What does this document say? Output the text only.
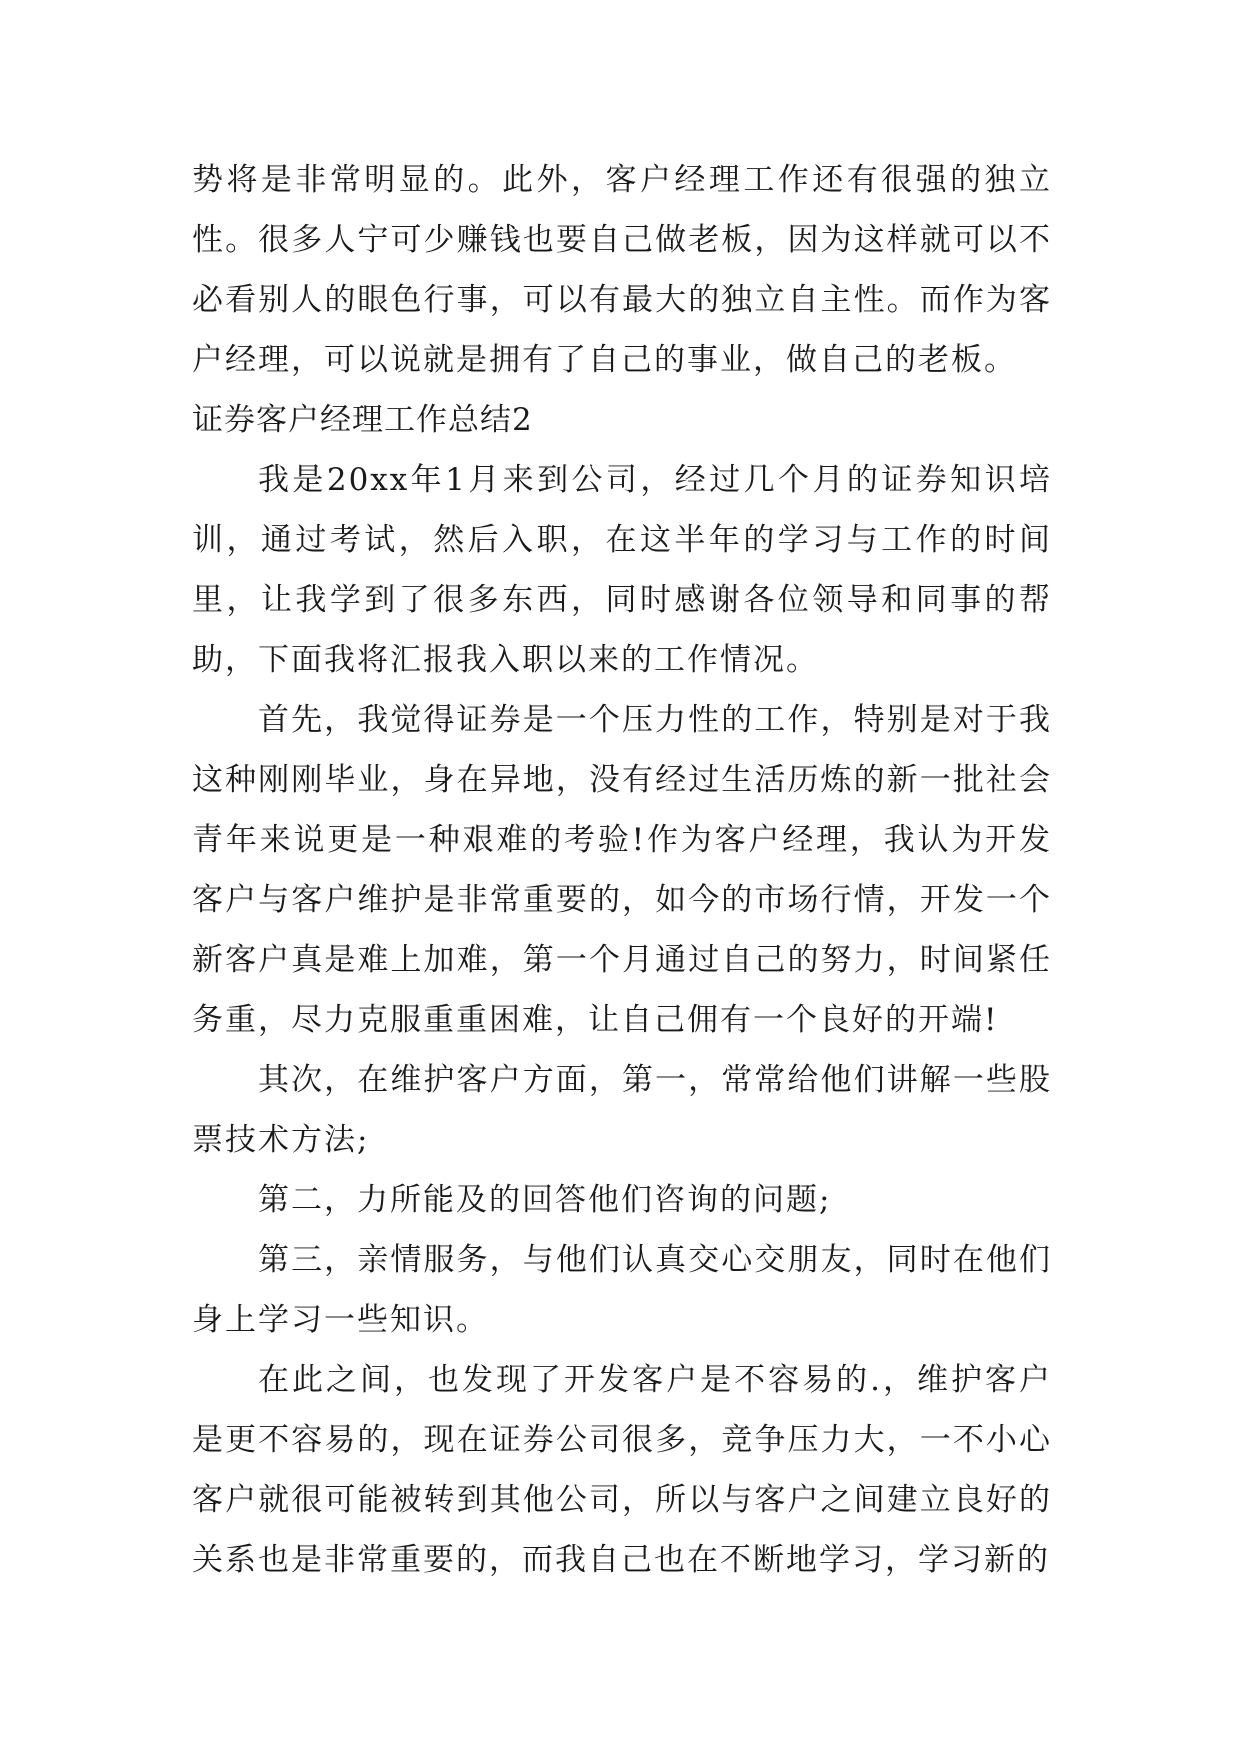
势将是非常明显的。此外，客户经理工作还有很强的独立性。很多人宁可少赚钱也要自己做老板，因为这样就可以不必看别人的眼色行事，可以有最大的独立自主性。而作为客户经理，可以说就是拥有了自己的事业，做自己的老板。

证券客户经理工作总结2

我是20xx年1月来到公司，经过几个月的证券知识培训，通过考试，然后入职，在这半年的学习与工作的时间里，让我学到了很多东西，同时感谢各位领导和同事的帮助，下面我将汇报我入职以来的工作情况。

首先，我觉得证券是一个压力性的工作，特别是对于我这种刚刚毕业，身在异地，没有经过生活历炼的新一批社会青年来说更是一种艰难的考验!作为客户经理，我认为开发客户与客户维护是非常重要的，如今的市场行情，开发一个新客户真是难上加难，第一个月通过自己的努力，时间紧任务重，尽力克服重重困难，让自己佣有一个良好的开端!

其次，在维护客户方面，第一，常常给他们讲解一些股票技术方法;

第二，力所能及的回答他们咨询的问题;

第三，亲情服务，与他们认真交心交朋友，同时在他们身上学习一些知识。

在此之间，也发现了开发客户是不容易的.，维护客户是更不容易的，现在证券公司很多，竞争压力大，一不小心客户就很可能被转到其他公司，所以与客户之间建立良好的关系也是非常重要的，而我自己也在不断地学习，学习新的
